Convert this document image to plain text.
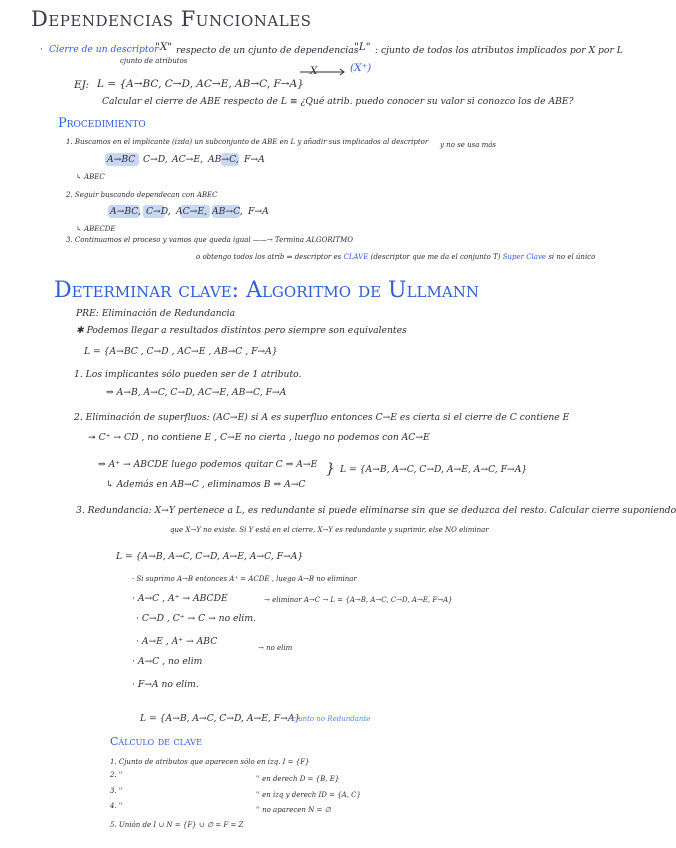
Dependencias Funcionales
· Cierre de un descriptor
"X" respecto de un cjunto de dependencias
"L" : cjunto de todos los atributos implicados por X por L
cjunto de atributos
X	(X⁺)
EJ: L = {A→BC, C→D, AC→E, AB→C, F→A}
Calcular el cierre de ABE respecto de L ≡ ¿Qué atrib. puedo conocer su valor si conozco los de ABE?
Procedimiento
1. Buscamos en el implicante (izda) un subconjunto de ABE en L y añadir sus implicados al descriptor y no se usa más
A→BC C→D, AC→E, AB→C, F→A
↳ ABEC
2. Seguir buscando dependecan con ABEC
A→BC, C→D, AC→E, AB→C, F→A
↳ ABECDE
3. Continuamos el proceso y vamos que queda igual ——→ Termina ALGORITMO
o obtengo todos los atrib ⇒ descriptor es CLAVE (descriptor que me da el conjunto T) Super Clave si no el único
Determinar clave: Algoritmo de Ullmann
PRE: Eliminación de Redundancia
✱ Podemos llegar a resultados distintos pero siempre son equivalentes
L = {A→BC , C→D , AC→E , AB→C , F→A}
1. Los implicantes sólo pueden ser de 1 atributo.
⇒ A→B, A→C, C→D, AC→E, AB→C, F→A
2. Eliminación de superfluos: (AC→E) si A es superfluo entonces C→E es cierta si el cierre de C contiene E
↠ C⁺ → CD , no contiene E , C→E no cierta , luego no podemos con AC→E
⇒ A⁺ → ABCDE luego podemos quitar C ⇒ A→E
↳ Además en AB→C , eliminamos B ⇒ A→C
} L = {A→B, A→C, C→D, A→E, A→C, F→A}
3. Redundancia: X→Y pertenece a L, es redundante si puede eliminarse sin que se deduzca del resto. Calcular cierre suponiendo
que X→Y no existe. Si Y está en el cierre, X→Y es redundante y suprimir, else NO eliminar
L = {A→B, A→C, C→D, A→E, A→C, F→A}
· Si suprimo A→B entonces A⁺ = ACDE , luego A→B no eliminar
· A→C , A⁺ → ABCDE	→ eliminar A→C → L = {A→B, A→C, C→D, A→E, F→A}
· C→D , C⁺ → C → no elim.
· A→E , A⁺ → ABC
→ no elim
· A→C , no elim
· F→A no elim.
L = {A→B, A→C, C→D, A→E, F→A}
cjunto no Redundante
Cálculo de clave
1. Cjunto de atributos que aparecen sólo en izq. I = {F}
2. ''	'' en derech D = {B, E}
3. ''	'' en izq y derech ID = {A, C}
4. ''	'' no aparecen N = ∅
5. Unión de I ∪ N = {F} ∪ ∅ = F = Z
